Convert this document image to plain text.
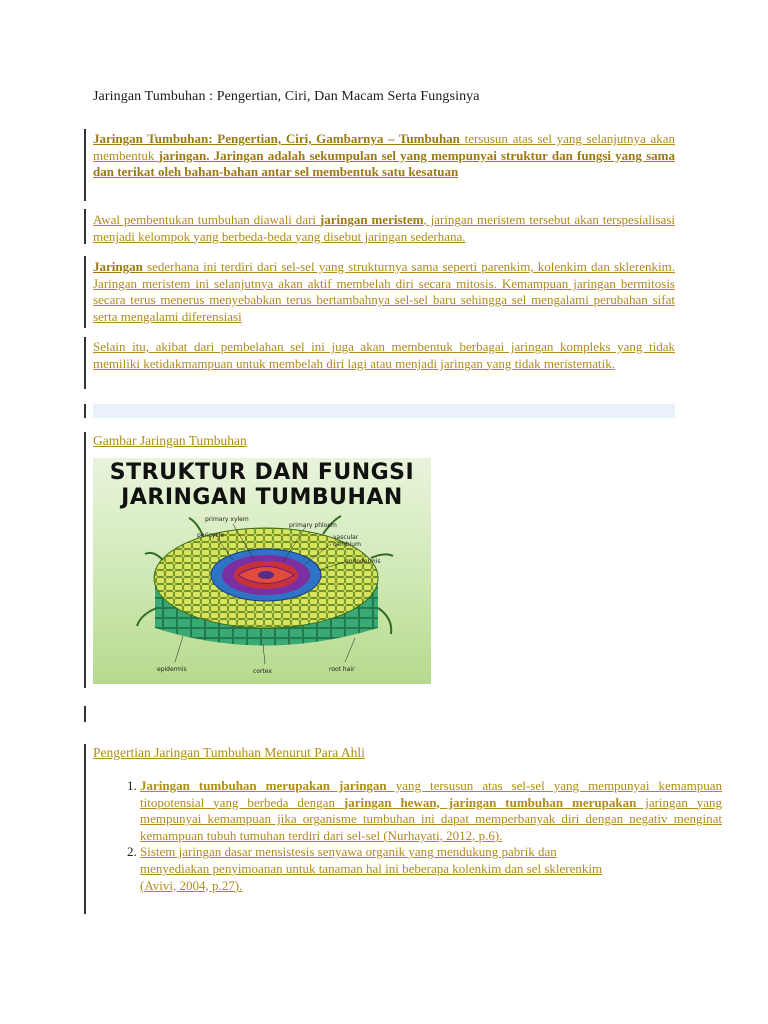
Jaringan Tumbuhan : Pengertian, Ciri, Dan Macam Serta Fungsinya
Jaringan Tumbuhan: Pengertian, Ciri, Gambarnya – Tumbuhan tersusun atas sel yang selanjutnya akan membentuk jaringan. Jaringan adalah sekumpulan sel yang mempunyai struktur dan fungsi yang sama dan terikat oleh bahan-bahan antar sel membentuk satu kesatuan
Awal pembentukan tumbuhan diawali dari jaringan meristem, jaringan meristem tersebut akan terspesialisasi menjadi kelompok yang berbeda-beda yang disebut jaringan sederhana.
Jaringan sederhana ini terdiri dari sel-sel yang strukturnya sama seperti parenkim, kolenkim dan sklerenkim. Jaringan meristem ini selanjutnya akan aktif membelah diri secara mitosis. Kemampuan jaringan bermitosis secara terus menerus menyebabkan terus bertambahnya sel-sel baru sehingga sel mengalami perubahan sifat serta mengalami diferensiasi
Selain itu, akibat dari pembelahan sel ini juga akan membentuk berbagai jaringan kompleks yang tidak memiliki ketidakmampuan untuk membelah diri lagi atau menjadi jaringan yang tidak meristematik.
Gambar Jaringan Tumbuhan
STRUKTUR DAN FUNGSI
JARINGAN TUMBUHAN
primary xylem
primary phloem
pericycle	vascular cambium
endodermis
epidermis	cortex	root hair
Pengertian Jaringan Tumbuhan Menurut Para Ahli
1. Jaringan tumbuhan merupakan jaringan yang tersusun atas sel-sel yang mempunyai kemampuan titopotensial yang berbeda dengan jaringan hewan, jaringan tumbuhan merupakan jaringan yang mempunyai kemampuan jika organisme tumbuhan ini dapat memperbanyak diri dengan negativ menginat kemampuan tubuh tumuhan terdiri dari sel-sel (Nurhayati, 2012, p.6).
2. Sistem jaringan dasar mensistesis senyawa organik yang mendukung pabrik dan menyediakan penyimoanan untuk tanaman hal ini beberapa kolenkim dan sel sklerenkim (Avivi, 2004, p.27).
